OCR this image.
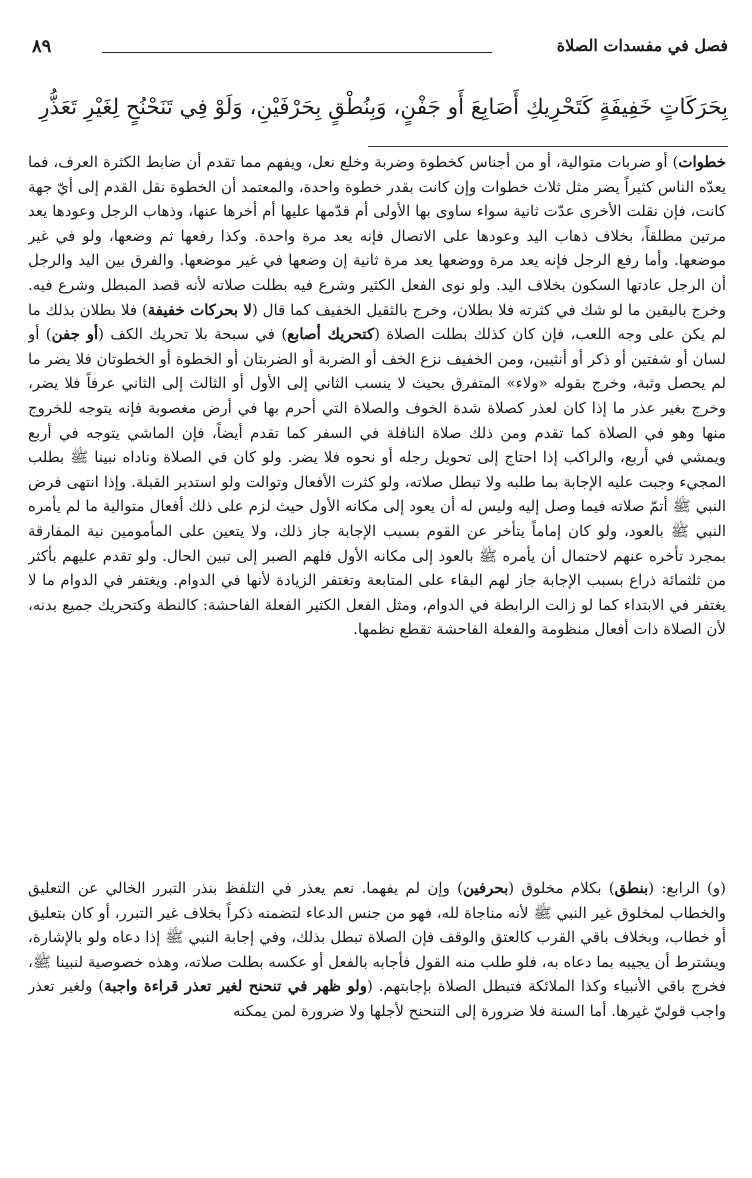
فصل في مفسدات الصلاة
٨٩
بِحَرَكَاتٍ خَفِيفَةٍ كَتَحْرِيكِ أَصَابِعَ أَو جَفْنٍ، وَبِنُطْقٍ بِحَرْفَيْنِ، وَلَوْ فِي تَنَحْنُحٍ لِغَيْرِ تَعَذُّرِ
خطوات) أو ضربات متوالية، أو من أجناس كخطوة وضربة وخلع نعل، ويفهم مما تقدم أن ضابط الكثرة العرف، فما يعدّه الناس كثيراً يضر مثل ثلاث خطوات وإن كانت بقدر خطوة واحدة، والمعتمد أن الخطوة نقل القدم إلى أيّ جهة كانت، فإن نقلت الأخرى عدّت ثانية سواء ساوى بها الأولى أم قدّمها عليها أم أخرها عنها، وذهاب الرجل وعودها يعد مرتين مطلقاً، بخلاف ذهاب اليد وعودها على الاتصال فإنه يعد مرة واحدة. وكذا رفعها ثم وضعها، ولو في غير موضعها. وأما رفع الرجل فإنه يعد مرة ووضعها يعد مرة ثانية إن وضعها في غير موضعها. والفرق بين اليد والرجل أن الرجل عادتها السكون بخلاف اليد. ولو نوى الفعل الكثير وشرع فيه بطلت صلاته لأنه قصد المبطل وشرع فيه. وخرج باليقين ما لو شك في كثرته فلا بطلان، وخرج بالثقيل الخفيف كما قال (لا بحركات خفيفة) فلا بطلان بذلك ما لم يكن على وجه اللعب، فإن كان كذلك بطلت الصلاة (كتحريك أصابع) في سبحة بلا تحريك الكف (أو جفن) أو لسان أو شفتين أو ذكر أو أنثيين، ومن الخفيف نزع الخف أو الضربة أو الضربتان أو الخطوة أو الخطوتان فلا يضر ما لم يحصل وثبة، وخرج بقوله «ولاء» المتفرق بحيث لا ينسب الثاني إلى الأول أو الثالث إلى الثاني عرفاً فلا يضر، وخرج بغير عذر ما إذا كان لعذر كصلاة شدة الخوف والصلاة التي أحرم بها في أرض مغصوبة فإنه يتوجه للخروج منها وهو في الصلاة كما تقدم ومن ذلك صلاة النافلة في السفر كما تقدم أيضاً، فإن الماشي يتوجه في أربع ويمشي في أربع، والراكب إذا احتاج إلى تحويل رجله أو نحوه فلا يضر. ولو كان في الصلاة وناداه نبينا ﷺ بطلب المجيء وجبت عليه الإجابة بما طلبه ولا تبطل صلاته، ولو كثرت الأفعال وتوالت ولو استدبر القبلة. وإذا انتهى فرض النبي ﷺ أتمّ صلاته فيما وصل إليه وليس له أن يعود إلى مكانه الأول حيث لزم على ذلك أفعال متوالية ما لم يأمره النبي ﷺ بالعود، ولو كان إماماً يتأخر عن القوم بسبب الإجابة جاز ذلك، ولا يتعين على المأمومين نية المفارقة بمجرد تأخره عنهم لاحتمال أن يأمره ﷺ بالعود إلى مكانه الأول فلهم الصبر إلى تبين الحال. ولو تقدم عليهم بأكثر من ثلثمائة ذراع بسبب الإجابة جاز لهم البقاء على المتابعة وتغتفر الزيادة لأنها في الدوام. ويغتفر في الدوام ما لا يغتفر في الابتداء كما لو زالت الرابطة في الدوام، ومثل الفعل الكثير الفعلة الفاحشة: كالنطة وكتحريك جميع بدنه، لأن الصلاة ذات أفعال منظومة والفعلة الفاحشة تقطع نظمها.
(و) الرابع: (بنطق) بكلام مخلوق (بحرفين) وإن لم يفهما. نعم يعذر في التلفظ بنذر التبرر الخالي عن التعليق والخطاب لمخلوق غير النبي ﷺ لأنه مناجاة لله، فهو من جنس الدعاء لتضمنه ذكراً بخلاف غير التبرر، أو كان بتعليق أو خطاب، وبخلاف باقي القرب كالعتق والوقف فإن الصلاة تبطل بذلك، وفي إجابة النبي ﷺ إذا دعاه ولو بالإشارة، ويشترط أن يجيبه بما دعاه به، فلو طلب منه القول فأجابه بالفعل أو عكسه بطلت صلاته، وهذه خصوصية لنبينا ﷺ، فخرج باقي الأنبياء وكذا الملائكة فتبطل الصلاة بإجابتهم. (ولو ظهر في تنحنح لغير تعذر قراءة واجبة) ولغير تعذر واجب قوليّ غيرها. أما السنة فلا ضرورة إلى التنحنح لأجلها ولا ضرورة لمن يمكنه
